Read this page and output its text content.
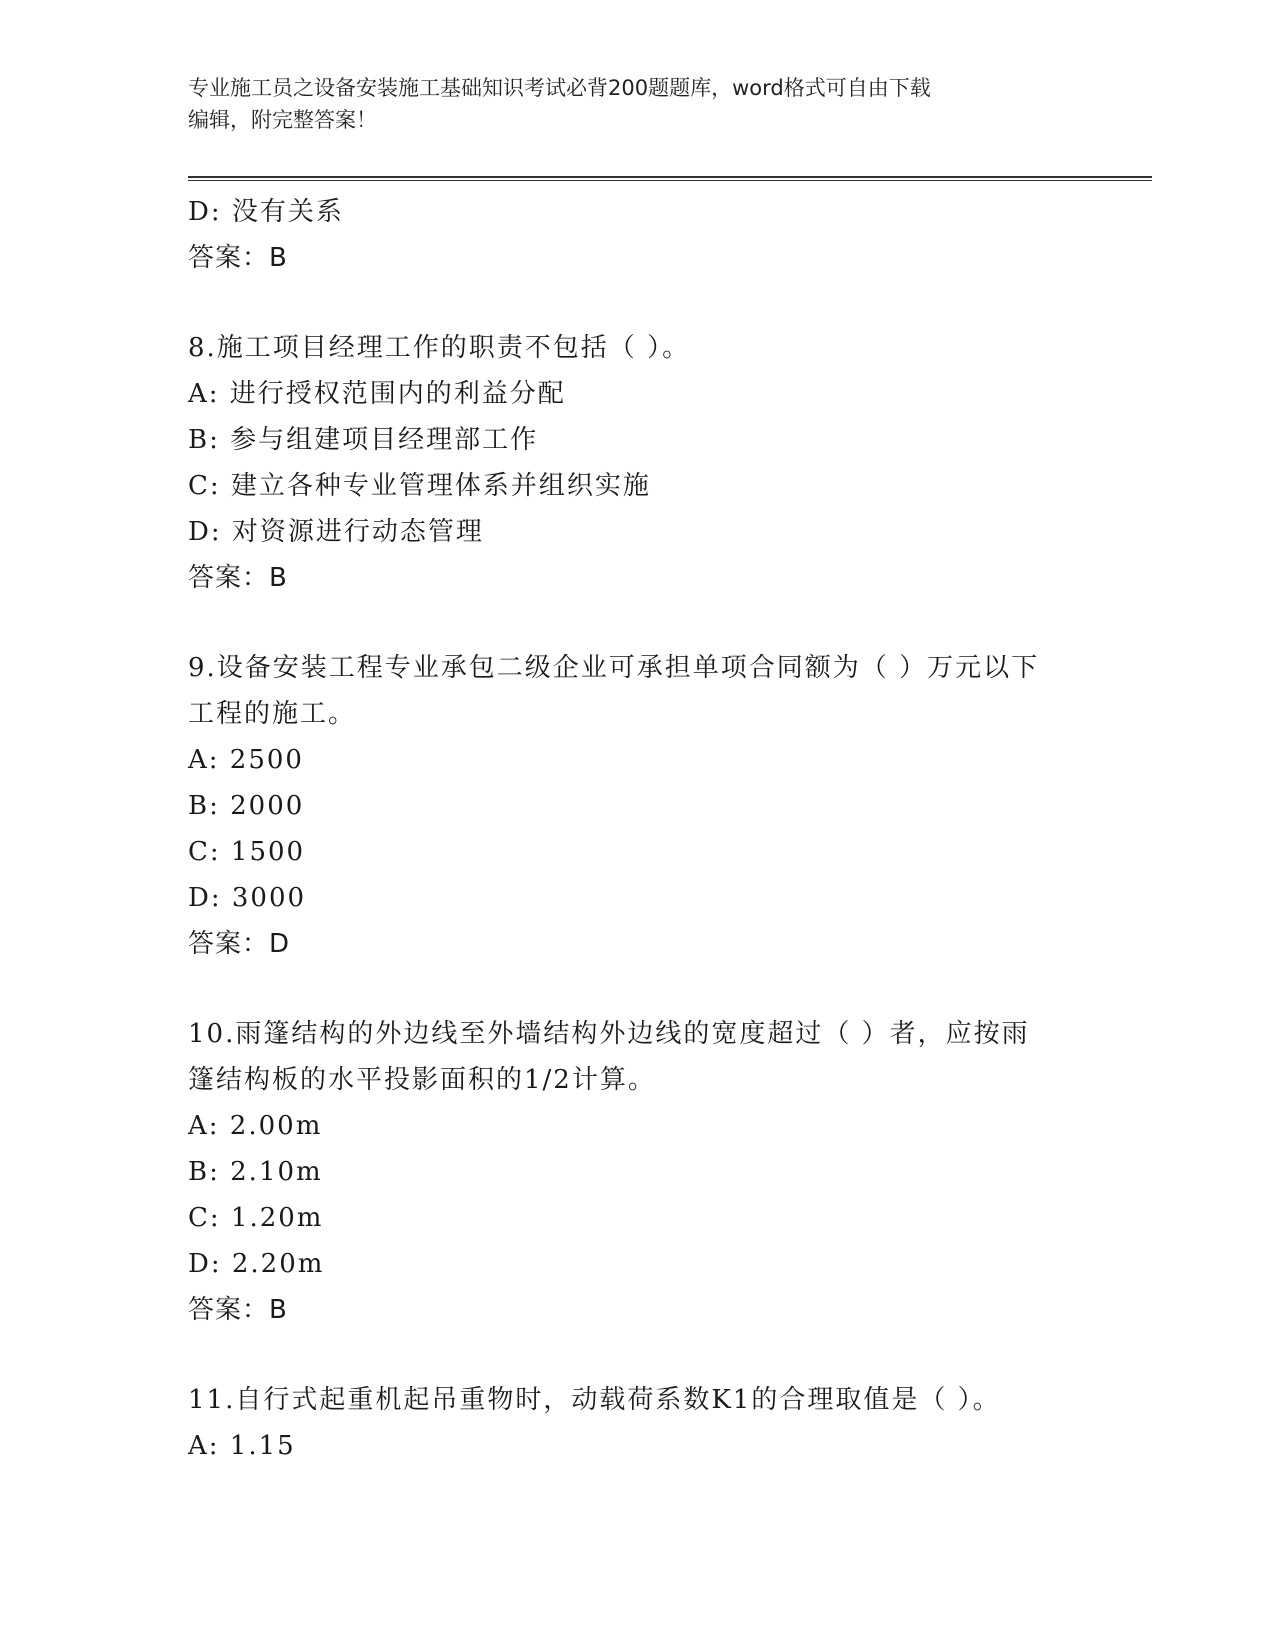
专业施工员之设备安装施工基础知识考试必背200题题库，word格式可自由下载
编辑，附完整答案！
D: 没有关系
答案：B
8.施工项目经理工作的职责不包括（ ）。
A: 进行授权范围内的利益分配
B: 参与组建项目经理部工作
C: 建立各种专业管理体系并组织实施
D: 对资源进行动态管理
答案：B
9.设备安装工程专业承包二级企业可承担单项合同额为（ ）万元以下
工程的施工。
A: 2500
B: 2000
C: 1500
D: 3000
答案：D
10.雨篷结构的外边线至外墙结构外边线的宽度超过（ ）者，应按雨
篷结构板的水平投影面积的1/2计算。
A: 2.00m
B: 2.10m
C: 1.20m
D: 2.20m
答案：B
11.自行式起重机起吊重物时，动载荷系数K1的合理取值是（ ）。
A: 1.15
